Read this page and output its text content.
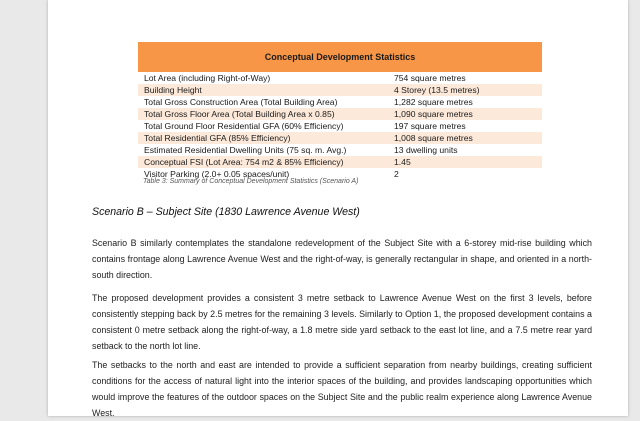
Conceptual Development Statistics	
Lot Area (including Right-of-Way)	754 square metres
Building Height	4 Storey (13.5 metres)
Total Gross Construction Area (Total Building Area)	1,282 square metres
Total Gross Floor Area (Total Building Area x 0.85)	1,090 square metres
Total Ground Floor Residential GFA (60% Efficiency)	197 square metres
Total Residential GFA (85% Efficiency)	1,008 square metres
Estimated Residential Dwelling Units (75 sq. m. Avg.)	13 dwelling units
Conceptual FSI (Lot Area: 754 m2 & 85% Efficiency)	1.45
Visitor Parking (2.0+ 0.05 spaces/unit)	2
Table 3: Summary of Conceptual Development Statistics (Scenario A)
Scenario B – Subject Site (1830 Lawrence Avenue West)

Scenario B similarly contemplates the standalone redevelopment of the Subject Site with a 6-storey mid-rise building which contains frontage along Lawrence Avenue West and the right-of-way, is generally rectangular in shape, and oriented in a north-south direction.

The proposed development provides a consistent 3 metre setback to Lawrence Avenue West on the first 3 levels, before consistently stepping back by 2.5 metres for the remaining 3 levels. Similarly to Option 1, the proposed development contains a consistent 0 metre setback along the right-of-way, a 1.8 metre side yard setback to the east lot line, and a 7.5 metre rear yard setback to the north lot line.

The setbacks to the north and east are intended to provide a sufficient separation from nearby buildings, creating sufficient conditions for the access of natural light into the interior spaces of the building, and provides landscaping opportunities which would improve the features of the outdoor spaces on the Subject Site and the public realm experience along Lawrence Avenue West.
